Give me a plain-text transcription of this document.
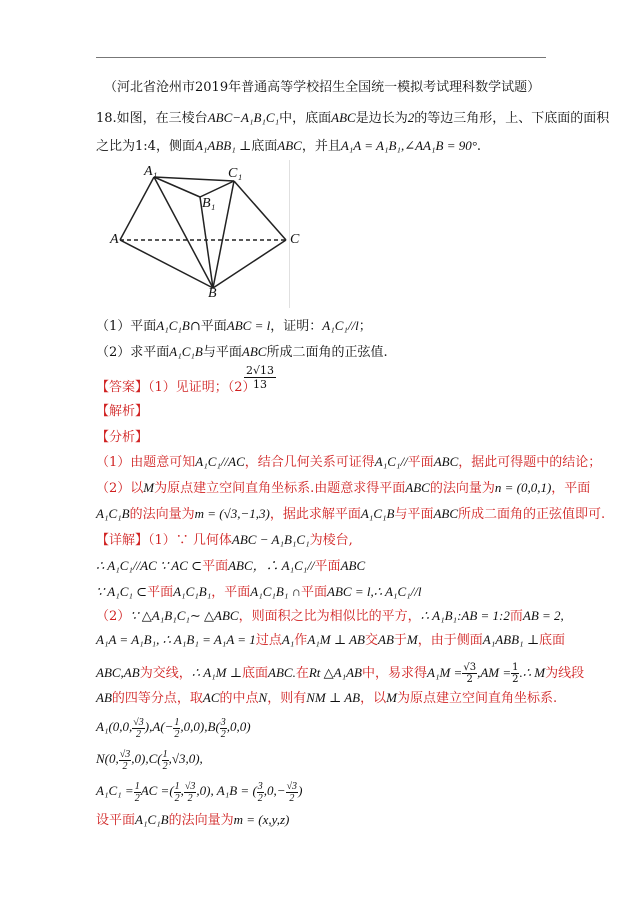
（河北省沧州市2019年普通高等学校招生全国统一模拟考试理科数学试题）
18.如图，在三棱台ABC−A₁B₁C₁中，底面ABC是边长为2的等边三角形，上、下底面的面积
之比为1:4，侧面A₁ABB₁ ⊥底面ABC，并且A₁A = A₁B₁,∠AA₁B = 90°.
A₁	C₁
B₁
A	C
B
（1）平面A₁C₁B∩平面ABC = l，证明：A₁C₁//l；
（2）求平面A₁C₁B与平面ABC所成二面角的正弦值.
$\frac{2√13}{13}$
【答案】（1）见证明；（2）
【解析】
【分析】
（1）由题意可知A₁C₁//AC，结合几何关系可证得A₁C₁//平面ABC，据此可得题中的结论；
（2）以M为原点建立空间直角坐标系.由题意求得平面ABC的法向量为n = (0,0,1)，平面
A₁C₁B的法向量为m = (√3,−1,3)，据此求解平面A₁C₁B与平面ABC所成二面角的正弦值即可.
【详解】（1）∵ 几何体ABC − A₁B₁C₁为棱台,
∴ A₁C₁//AC ∵ AC ⊂平面ABC，∴ A₁C₁//平面ABC
∵ A₁C₁ ⊂平面A₁C₁B₁，平面A₁C₁B₁ ∩平面ABC = l,∴ A₁C₁//l
（2）∵ △A₁B₁C₁∼ △ABC，则面积之比为相似比的平方，∴ A₁B₁:AB = 1:2而AB = 2,
A₁A = A₁B₁, ∴ A₁B₁ = A₁A = 1过点A₁作A₁M ⊥ AB交AB于M，由于侧面A₁ABB₁ ⊥底面
ABC,AB为交线，∴ A₁M ⊥底面ABC.在Rt △A₁AB中，易求得$A_1M = \frac{√3}{2} ,AM = \frac{1}{2}$ .∴ M为线段
AB的四等分点，取AC的中点N，则有NM ⊥ AB，以M为原点建立空间直角坐标系.
A₁(0,0, $\frac{√3}{2} ),A(- \frac{1}{2} ,0,0),B( \frac{3}{2} ,0,0)$
N(0, $\frac{√3}{2} ,0),C( \frac{1}{2} ,√3,0)$,
$A_1C_1 = \frac{1}{2}$ AC =( $\frac{1}{2}$ , $\frac{√3}{2} ,0$), A₁B = ( $\frac{3}{2} ,0,- \frac{√3}{2}$ )
设平面A₁C₁B的法向量为m = (x,y,z)
